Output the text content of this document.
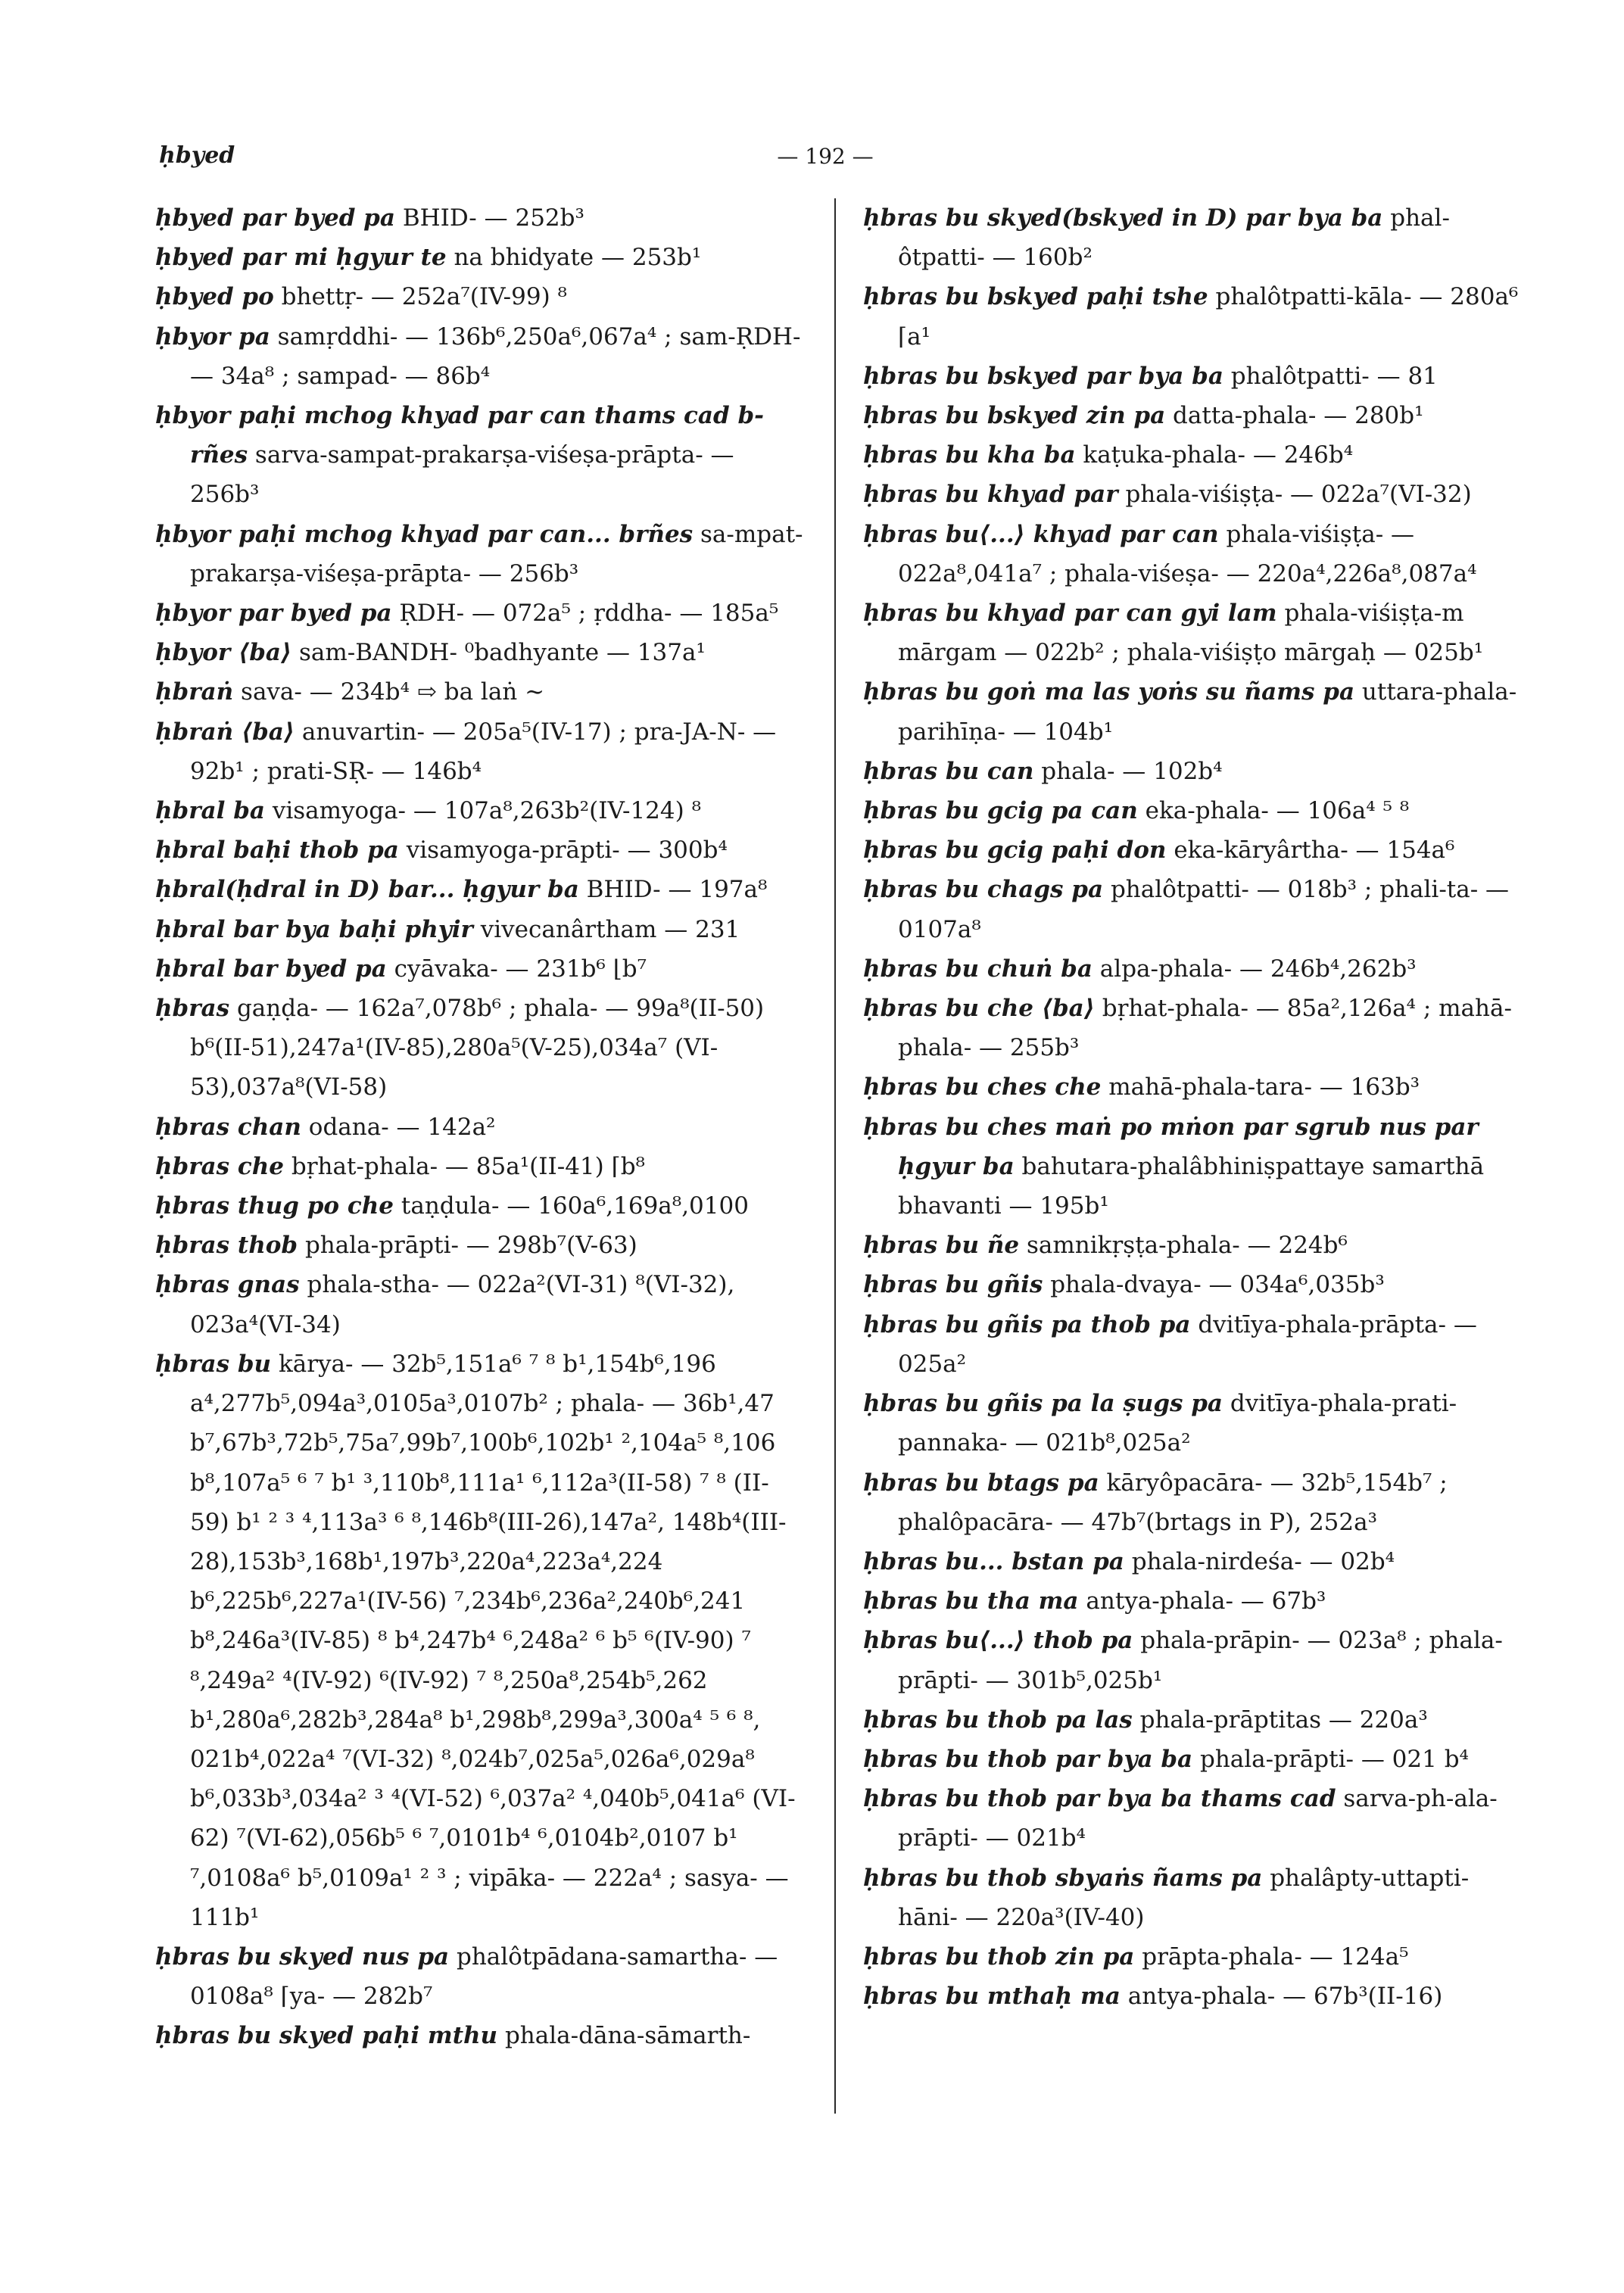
ḥbyed	— 192 —

ḥbyed par byed pa BHID- — 252b³

ḥbyed par mi ḥgyur te na bhidyate — 253b¹

ḥbyed po bhettṛ- — 252a⁷(IV-99) ⁸

ḥbyor pa samṛddhi- — 136b⁶,250a⁶,067a⁴ ; sam-ṚDH- — 34a⁸ ; sampad- — 86b⁴

ḥbyor paḥi mchog khyad par can thams cad b-rñes sarva-sampat-prakarṣa-viśeṣa-prāpta- — 256b³

ḥbyor paḥi mchog khyad par can... brñes sa-mpat-prakarṣa-viśeṣa-prāpta- — 256b³

ḥbyor par byed pa ṚDH- — 072a⁵ ; ṛddha- — 185a⁵

ḥbyor ⟨ba⟩ sam-BANDH- ⁰badhyante — 137a¹

ḥbraṅ sava- — 234b⁴ ⇨ ba laṅ ∼

ḥbraṅ ⟨ba⟩ anuvartin- — 205a⁵(IV-17) ; pra-JA-N- — 92b¹ ; prati-SṚ- — 146b⁴

ḥbral ba visamyoga- — 107a⁸,263b²(IV-124) ⁸

ḥbral baḥi thob pa visamyoga-prāpti- — 300b⁴

ḥbral(ḥdral in D) bar... ḥgyur ba BHID- — 197a⁸

ḥbral bar bya baḥi phyir vivecanârtham — 231

ḥbral bar byed pa cyāvaka- — 231b⁶ ⌊b⁷

ḥbras gaṇḍa- — 162a⁷,078b⁶ ; phala- — 99a⁸(II-50) b⁶(II-51),247a¹(IV-85),280a⁵(V-25),034a⁷ (VI-53),037a⁸(VI-58)

ḥbras chan odana- — 142a²

ḥbras che bṛhat-phala- — 85a¹(II-41) ⌈b⁸

ḥbras thug po che taṇḍula- — 160a⁶,169a⁸,0100

ḥbras thob phala-prāpti- — 298b⁷(V-63)

ḥbras gnas phala-stha- — 022a²(VI-31) ⁸(VI-32), 023a⁴(VI-34)

ḥbras bu kārya- — 32b⁵,151a⁶ ⁷ ⁸ b¹,154b⁶,196 a⁴,277b⁵,094a³,0105a³,0107b² ; phala- — 36b¹,47 b⁷,67b³,72b⁵,75a⁷,99b⁷,100b⁶,102b¹ ²,104a⁵ ⁸,106 b⁸,107a⁵ ⁶ ⁷ b¹ ³,110b⁸,111a¹ ⁶,112a³(II-58) ⁷ ⁸ (II-59) b¹ ² ³ ⁴,113a³ ⁶ ⁸,146b⁸(III-26),147a², 148b⁴(III-28),153b³,168b¹,197b³,220a⁴,223a⁴,224 b⁶,225b⁶,227a¹(IV-56) ⁷,234b⁶,236a²,240b⁶,241 b⁸,246a³(IV-85) ⁸ b⁴,247b⁴ ⁶,248a² ⁶ b⁵ ⁶(IV-90) ⁷ ⁸,249a² ⁴(IV-92) ⁶(IV-92) ⁷ ⁸,250a⁸,254b⁵,262 b¹,280a⁶,282b³,284a⁸ b¹,298b⁸,299a³,300a⁴ ⁵ ⁶ ⁸, 021b⁴,022a⁴ ⁷(VI-32) ⁸,024b⁷,025a⁵,026a⁶,029a⁸ b⁶,033b³,034a² ³ ⁴(VI-52) ⁶,037a² ⁴,040b⁵,041a⁶ (VI-62) ⁷(VI-62),056b⁵ ⁶ ⁷,0101b⁴ ⁶,0104b²,0107 b¹ ⁷,0108a⁶ b⁵,0109a¹ ² ³ ; vipāka- — 222a⁴ ; sasya- — 111b¹

ḥbras bu skyed nus pa phalôtpādana-samartha- — 0108a⁸ ⌈ya- — 282b⁷

ḥbras bu skyed paḥi mthu phala-dāna-sāmarth-

ḥbras bu skyed(bskyed in D) par bya ba phal-ôtpatti- — 160b²

ḥbras bu bskyed paḥi tshe phalôtpatti-kāla- — 280a⁶ ⌈a¹

ḥbras bu bskyed par bya ba phalôtpatti- — 81

ḥbras bu bskyed zin pa datta-phala- — 280b¹

ḥbras bu kha ba kaṭuka-phala- — 246b⁴

ḥbras bu khyad par phala-viśiṣṭa- — 022a⁷(VI-32)

ḥbras bu⟨...⟩ khyad par can phala-viśiṣṭa- — 022a⁸,041a⁷ ; phala-viśeṣa- — 220a⁴,226a⁸,087a⁴

ḥbras bu khyad par can gyi lam phala-viśiṣṭa-m mārgam — 022b² ; phala-viśiṣṭo mārgaḥ — 025b¹

ḥbras bu goṅ ma las yoṅs su ñams pa uttara-phala-parihīṇa- — 104b¹

ḥbras bu can phala- — 102b⁴

ḥbras bu gcig pa can eka-phala- — 106a⁴ ⁵ ⁸

ḥbras bu gcig paḥi don eka-kāryârtha- — 154a⁶

ḥbras bu chags pa phalôtpatti- — 018b³ ; phali-ta- — 0107a⁸

ḥbras bu chuṅ ba alpa-phala- — 246b⁴,262b³

ḥbras bu che ⟨ba⟩ bṛhat-phala- — 85a²,126a⁴ ; mahā-phala- — 255b³

ḥbras bu ches che mahā-phala-tara- — 163b³

ḥbras bu ches maṅ po mṅon par sgrub nus par ḥgyur ba bahutara-phalâbhiniṣpattaye samarthā bhavanti — 195b¹

ḥbras bu ñe samnikṛṣṭa-phala- — 224b⁶

ḥbras bu gñis phala-dvaya- — 034a⁶,035b³

ḥbras bu gñis pa thob pa dvitīya-phala-prāpta- — 025a²

ḥbras bu gñis pa la ṣugs pa dvitīya-phala-prati-pannaka- — 021b⁸,025a²

ḥbras bu btags pa kāryôpacāra- — 32b⁵,154b⁷ ; phalôpacāra- — 47b⁷(brtags in P), 252a³

ḥbras bu... bstan pa phala-nirdeśa- — 02b⁴

ḥbras bu tha ma antya-phala- — 67b³

ḥbras bu⟨...⟩ thob pa phala-prāpin- — 023a⁸ ; phala-prāpti- — 301b⁵,025b¹

ḥbras bu thob pa las phala-prāptitas — 220a³

ḥbras bu thob par bya ba phala-prāpti- — 021 b⁴

ḥbras bu thob par bya ba thams cad sarva-ph-ala-prāpti- — 021b⁴

ḥbras bu thob sbyaṅs ñams pa phalâpty-uttapti-hāni- — 220a³(IV-40)

ḥbras bu thob zin pa prāpta-phala- — 124a⁵

ḥbras bu mthaḥ ma antya-phala- — 67b³(II-16)
